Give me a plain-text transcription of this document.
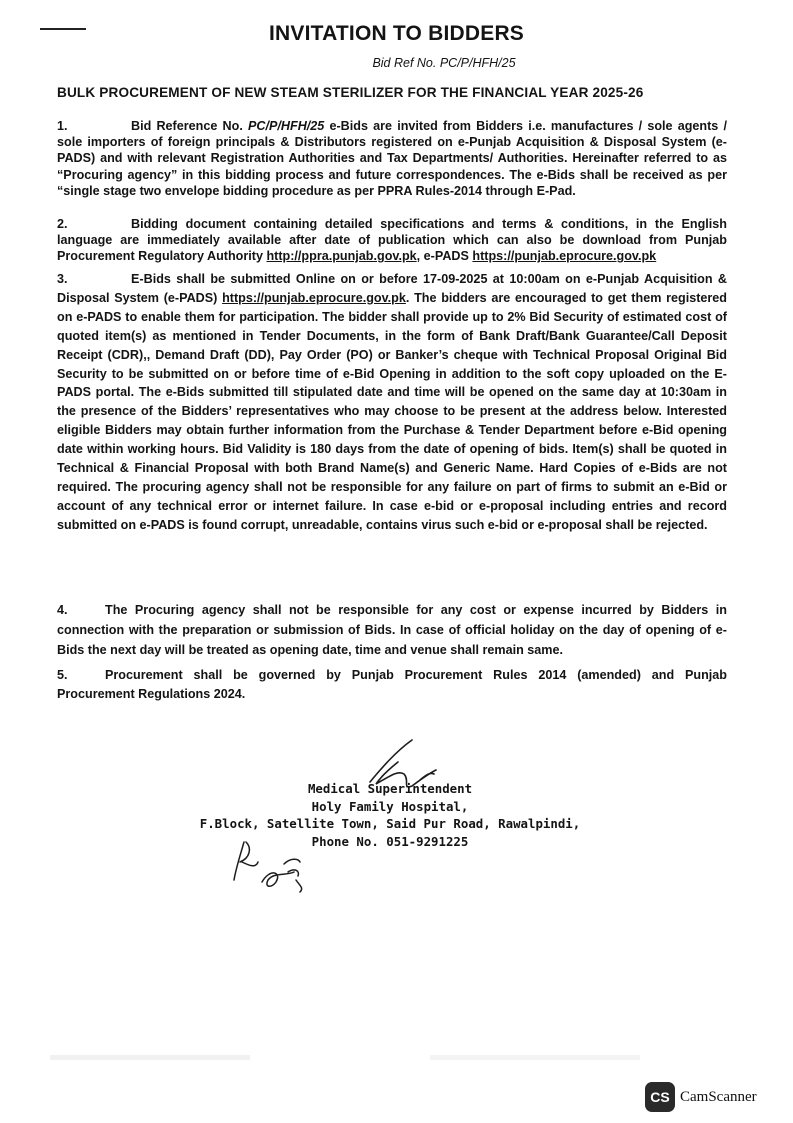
INVITATION TO BIDDERS
Bid Ref No. PC/P/HFH/25
BULK PROCUREMENT OF NEW STEAM STERILIZER FOR THE FINANCIAL YEAR 2025-26
1.	Bid Reference No. PC/P/HFH/25 e-Bids are invited from Bidders i.e. manufactures / sole agents / sole importers of foreign principals & Distributors registered on e-Punjab Acquisition & Disposal System (e-PADS) and with relevant Registration Authorities and Tax Departments/ Authorities. Hereinafter referred to as “Procuring agency” in this bidding process and future correspondences. The e-Bids shall be received as per “single stage two envelope bidding procedure as per PPRA Rules-2014 through E-Pad.
2.	Bidding document containing detailed specifications and terms & conditions, in the English language are immediately available after date of publication which can also be download from Punjab Procurement Regulatory Authority http://ppra.punjab.gov.pk, e-PADS https://punjab.eprocure.gov.pk
3.	E-Bids shall be submitted Online on or before 17-09-2025 at 10:00am on e-Punjab Acquisition & Disposal System (e-PADS) https://punjab.eprocure.gov.pk. The bidders are encouraged to get them registered on e-PADS to enable them for participation. The bidder shall provide up to 2% Bid Security of estimated cost of quoted item(s) as mentioned in Tender Documents, in the form of Bank Draft/Bank Guarantee/Call Deposit Receipt (CDR),, Demand Draft (DD), Pay Order (PO) or Banker’s cheque with Technical Proposal Original Bid Security to be submitted on or before time of e-Bid Opening in addition to the soft copy uploaded on the E-PADS portal. The e-Bids submitted till stipulated date and time will be opened on the same day at 10:30am in the presence of the Bidders’ representatives who may choose to be present at the address below. Interested eligible Bidders may obtain further information from the Purchase & Tender Department before e-Bid opening date within working hours. Bid Validity is 180 days from the date of opening of bids. Item(s) shall be quoted in Technical & Financial Proposal with both Brand Name(s) and Generic Name. Hard Copies of e-Bids are not required. The procuring agency shall not be responsible for any failure on part of firms to submit an e-Bid or account of any technical error or internet failure. In case e-bid or e-proposal including entries and record submitted on e-PADS is found corrupt, unreadable, contains virus such e-bid or e-proposal shall be rejected.
4.	The Procuring agency shall not be responsible for any cost or expense incurred by Bidders in connection with the preparation or submission of Bids. In case of official holiday on the day of opening of e-Bids the next day will be treated as opening date, time and venue shall remain same.
5.	Procurement shall be governed by Punjab Procurement Rules 2014 (amended) and Punjab Procurement Regulations 2024.
Medical Superintendent
Holy Family Hospital,
F.Block, Satellite Town, Said Pur Road, Rawalpindi,
Phone No. 051-9291225
CS CamScanner
